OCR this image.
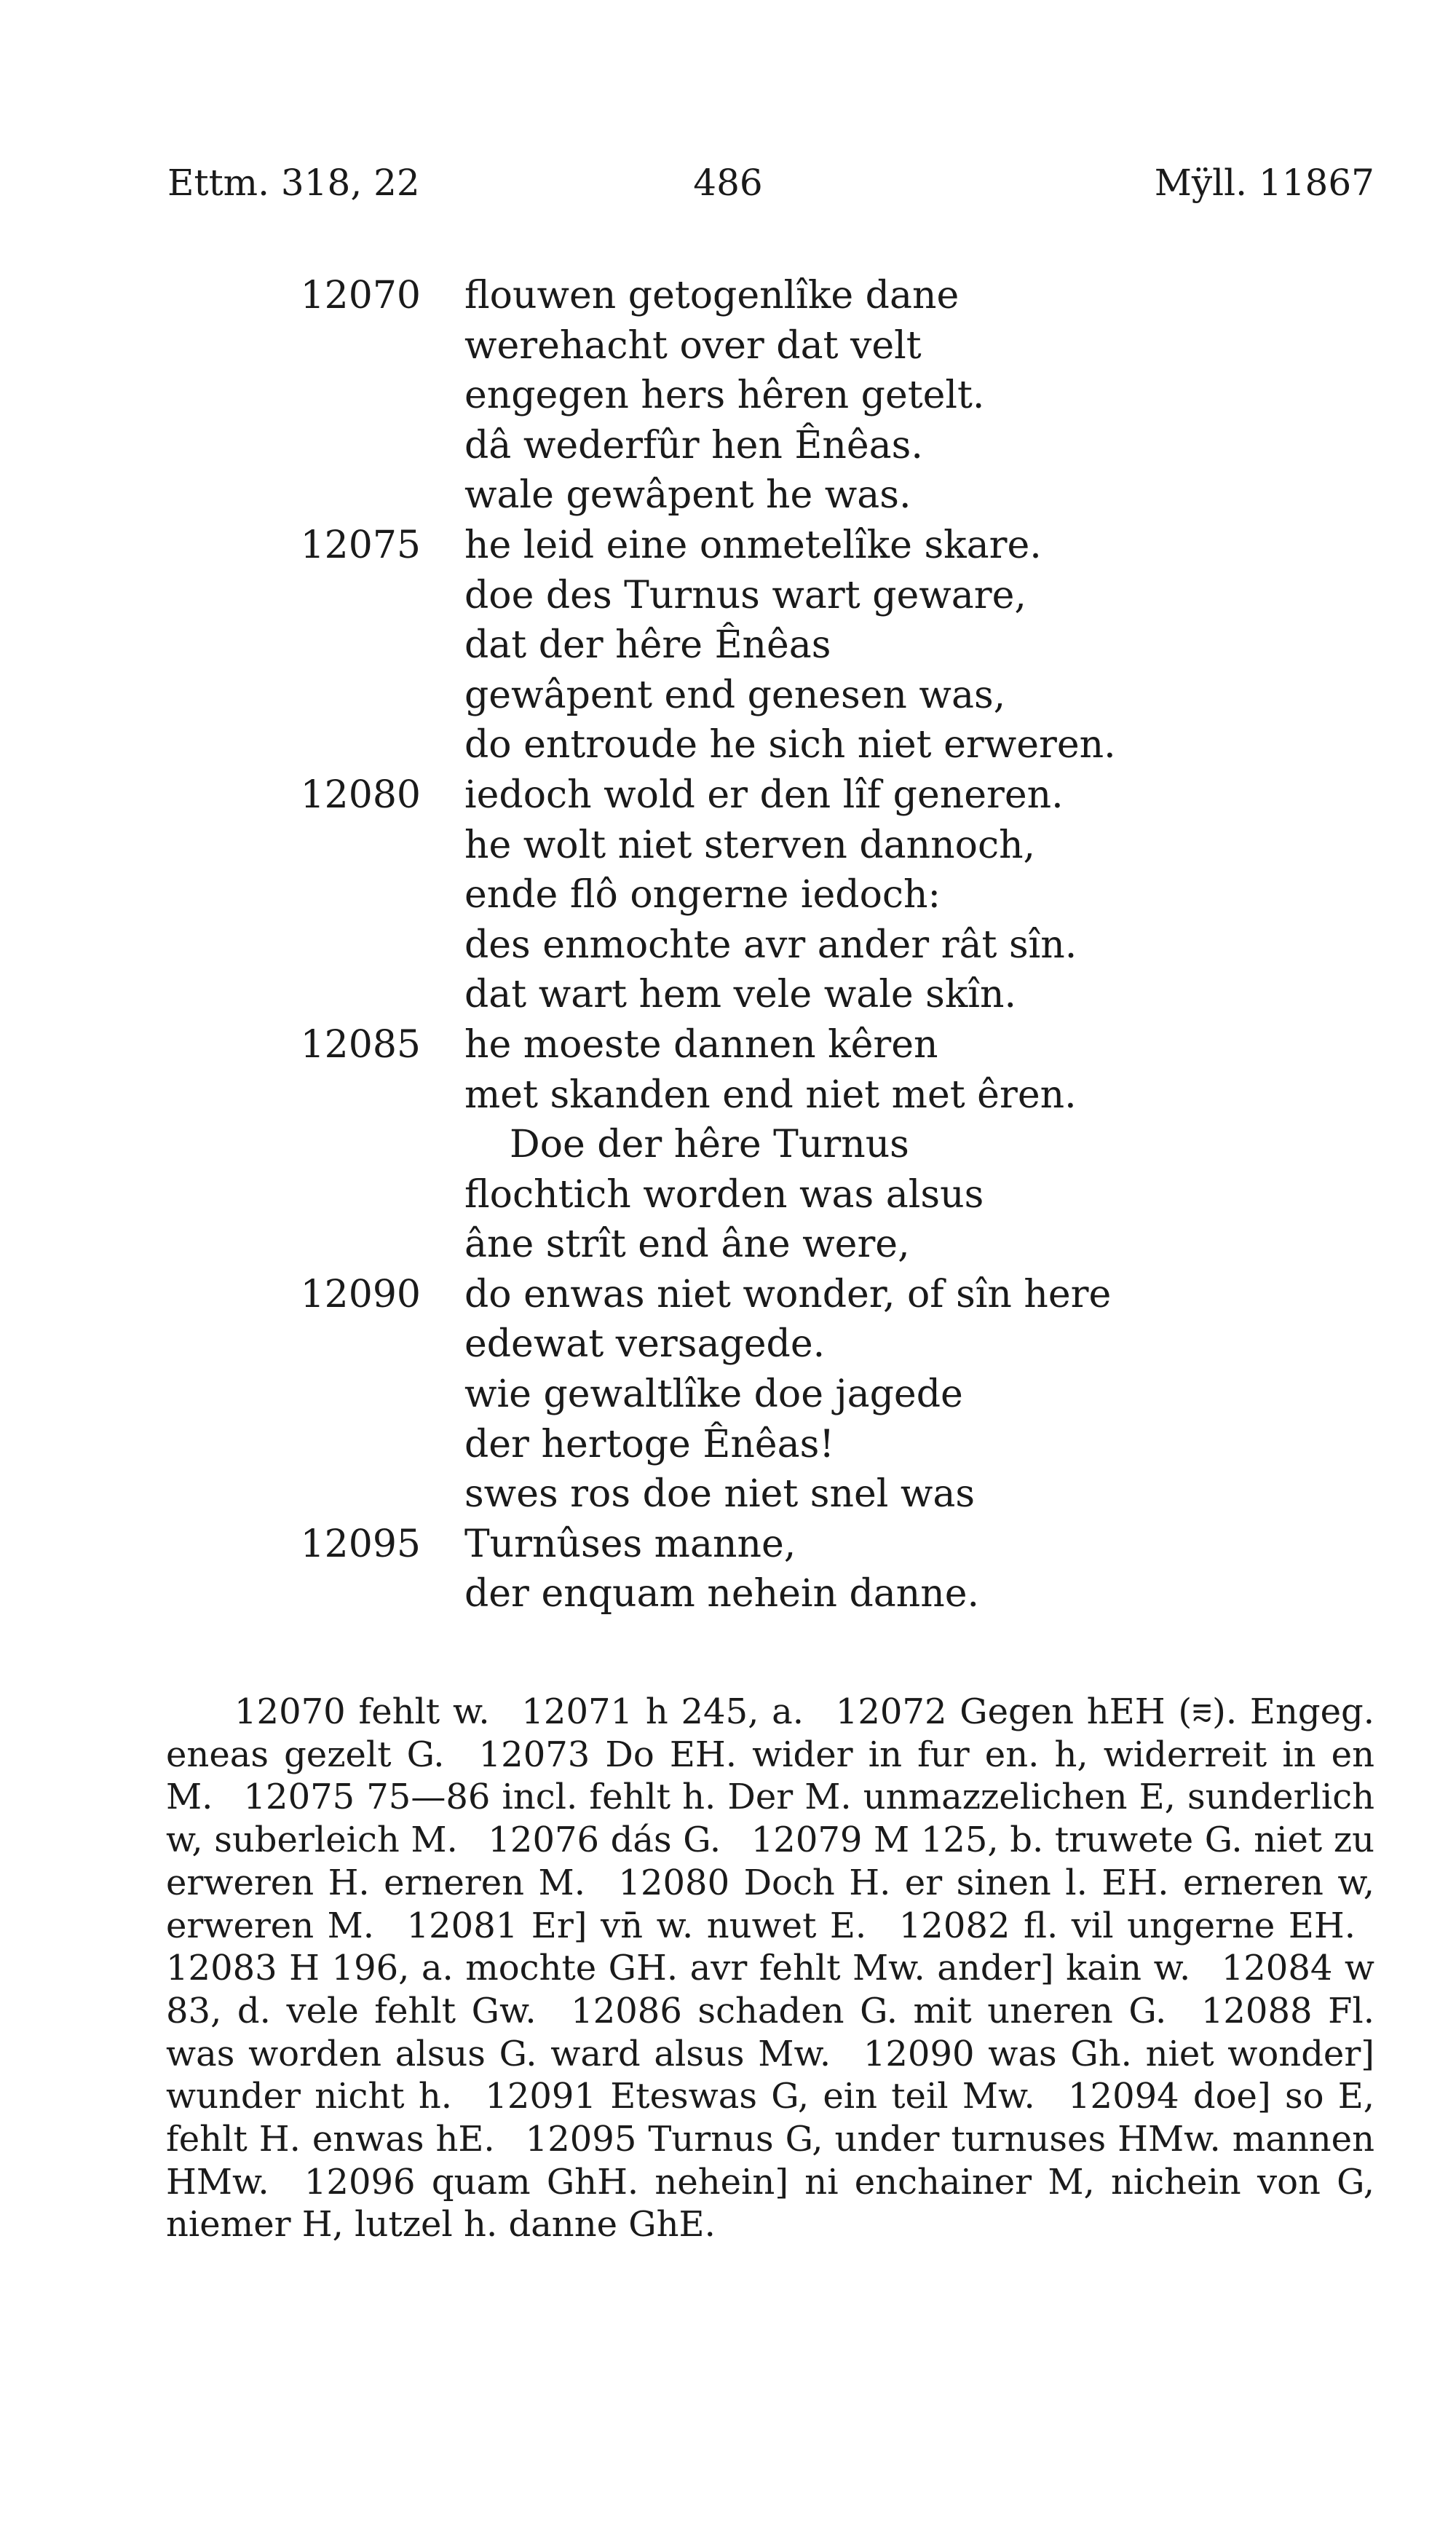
Ettm. 318, 22	486	Mÿll. 11867
12070 flouwen getogenlîke dane
werehacht over dat velt
engegen hers hêren getelt.
dâ wederfûr hen Ênêas.
wale gewâpent he was.
12075 he leid eine onmetelîke skare.
doe des Turnus wart geware,
dat der hêre Ênêas
gewâpent end genesen was,
do entroude he sich niet erweren.
12080 iedoch wold er den lîf generen.
he wolt niet sterven dannoch,
ende flô ongerne iedoch:
des enmochte avr ander rât sîn.
dat wart hem vele wale skîn.
12085 he moeste dannen kêren
met skanden end niet met êren.
Doe der hêre Turnus
flochtich worden was alsus
âne strît end âne were,
12090 do enwas niet wonder, of sîn here
edewat versagede.
wie gewaltlîke doe jagede
der hertoge Ênêas!
swes ros doe niet snel was
12095 Turnûses manne,
der enquam nehein danne.

12070 fehlt w. 12071 h 245, a. 12072 Gegen hEH (⩳). Engeg. eneas gezelt G. 12073 Do EH. wider in fur en. h, widerreit in en M. 12075 75—86 incl. fehlt h. Der M. unmazzelichen E, sunderlich w, suberleich M. 12076 dás G. 12079 M 125, b. truwete G. niet zu erweren H. erneren M. 12080 Doch H. er sinen l. EH. erneren w, erweren M. 12081 Er] vn̄ w. nuwet E. 12082 fl. vil ungerne EH. 12083 H 196, a. mochte GH. avr fehlt Mw. ander] kain w. 12084 w 83, d. vele fehlt Gw. 12086 schaden G. mit uneren G. 12088 Fl. was worden alsus G. ward alsus Mw. 12090 was Gh. niet wonder] wunder nicht h. 12091 Eteswas G, ein teil Mw. 12094 doe] so E, fehlt H. enwas hE. 12095 Turnus G, under turnuses HMw. mannen HMw. 12096 quam GhH. nehein] ni enchainer M, nichein von G, niemer H, lutzel h. danne GhE.
